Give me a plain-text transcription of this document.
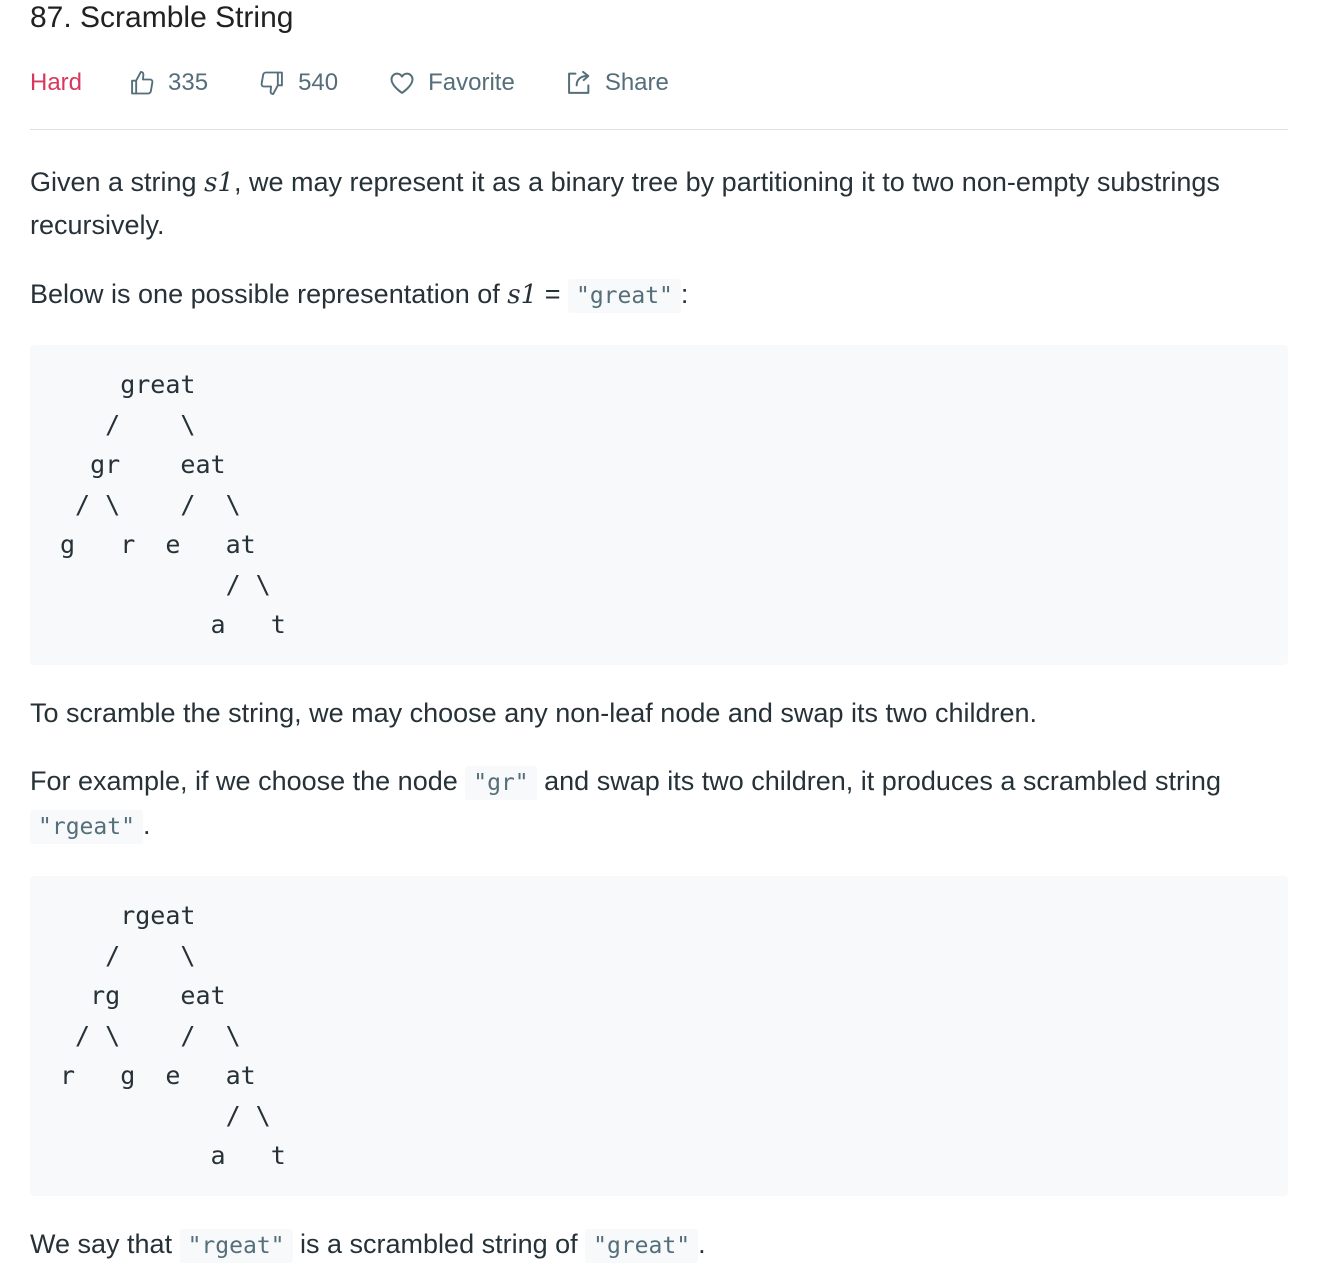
87. Scramble String
Hard	335	540	Favorite	Share

Given a string s1, we may represent it as a binary tree by partitioning it to two non-empty substrings recursively.

Below is one possible representation of s1 = "great" :

great
/    \
gr    eat
/ \    /  \
g   r  e   at
/ \
a   t

To scramble the string, we may choose any non-leaf node and swap its two children.

For example, if we choose the node "gr" and swap its two children, it produces a scrambled string "rgeat" .

rgeat
/    \
rg    eat
/ \    /  \
r   g  e   at
/ \
a   t

We say that "rgeat" is a scrambled string of "great" .
